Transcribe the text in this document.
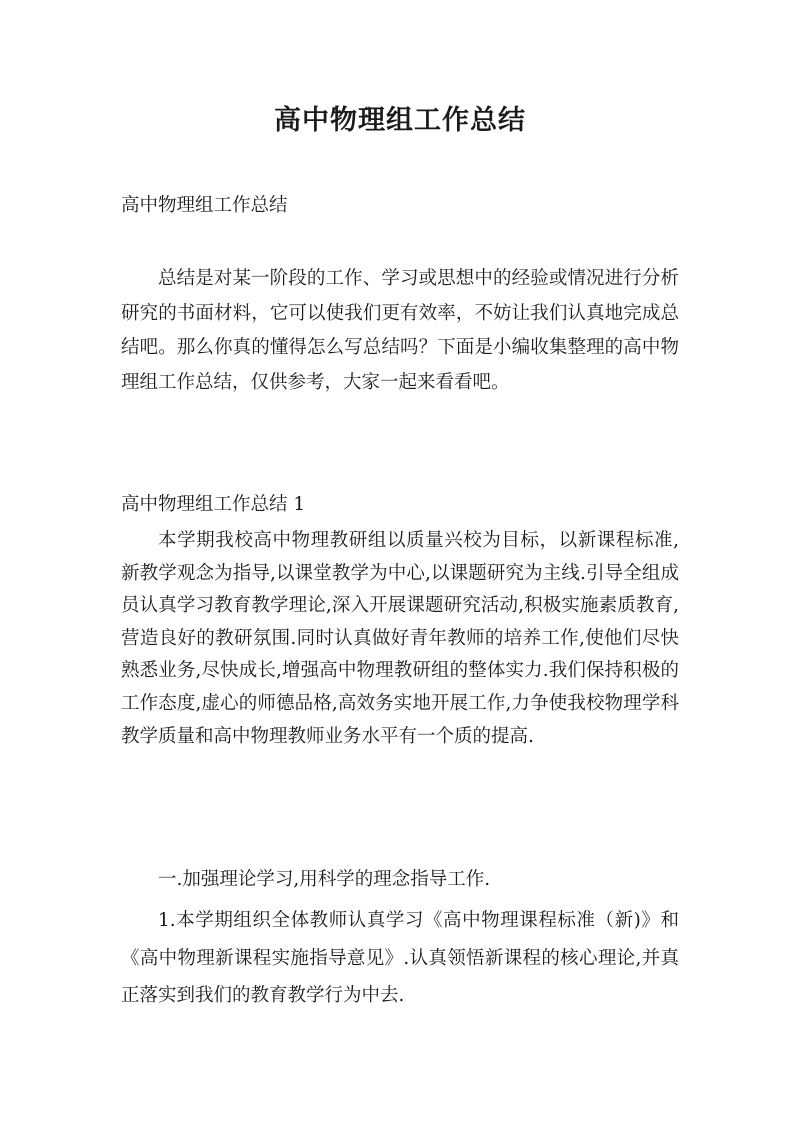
高中物理组工作总结

高中物理组工作总结

总结是对某一阶段的工作、学习或思想中的经验或情况进行分析研究的书面材料，它可以使我们更有效率，不妨让我们认真地完成总结吧。那么你真的懂得怎么写总结吗？下面是小编收集整理的高中物理组工作总结，仅供参考，大家一起来看看吧。

高中物理组工作总结 1

本学期我校高中物理教研组以质量兴校为目标，以新课程标准,新教学观念为指导,以课堂教学为中心,以课题研究为主线.引导全组成员认真学习教育教学理论,深入开展课题研究活动,积极实施素质教育,营造良好的教研氛围.同时认真做好青年教师的培养工作,使他们尽快熟悉业务,尽快成长,增强高中物理教研组的整体实力.我们保持积极的工作态度,虚心的师德品格,高效务实地开展工作,力争使我校物理学科教学质量和高中物理教师业务水平有一个质的提高.

一.加强理论学习,用科学的理念指导工作.

1.本学期组织全体教师认真学习《高中物理课程标准（新)》和《高中物理新课程实施指导意见》.认真领悟新课程的核心理论,并真正落实到我们的教育教学行为中去.
